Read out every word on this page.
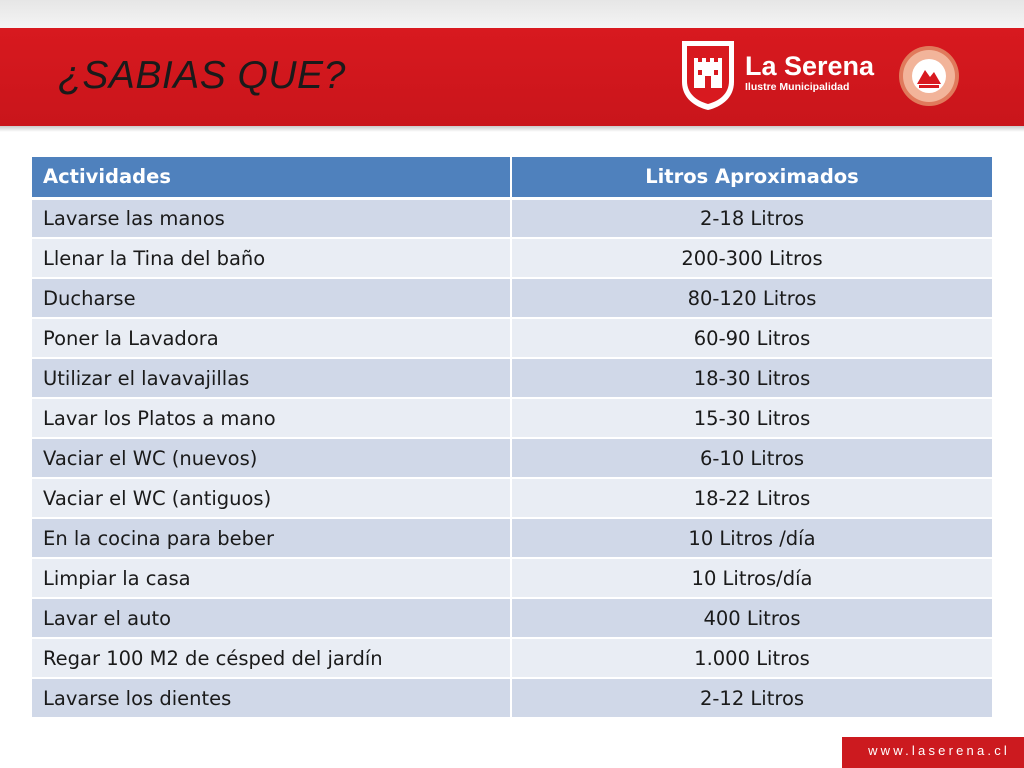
¿SABIAS QUE?	La Serena
Ilustre Municipalidad
Actividades	Litros Aproximados
Lavarse las manos	2-18 Litros
Llenar la Tina del baño	200-300 Litros
Ducharse	80-120 Litros
Poner la Lavadora	60-90 Litros
Utilizar el lavavajillas	18-30 Litros
Lavar los Platos a mano	15-30 Litros
Vaciar el WC (nuevos)	6-10 Litros
Vaciar el WC (antiguos)	18-22 Litros
En la cocina para beber	10 Litros /día
Limpiar la casa	10 Litros/día
Lavar el auto	400 Litros
Regar 100 M2 de césped del jardín	1.000 Litros
Lavarse los dientes	2-12 Litros
www.laserena.cl
